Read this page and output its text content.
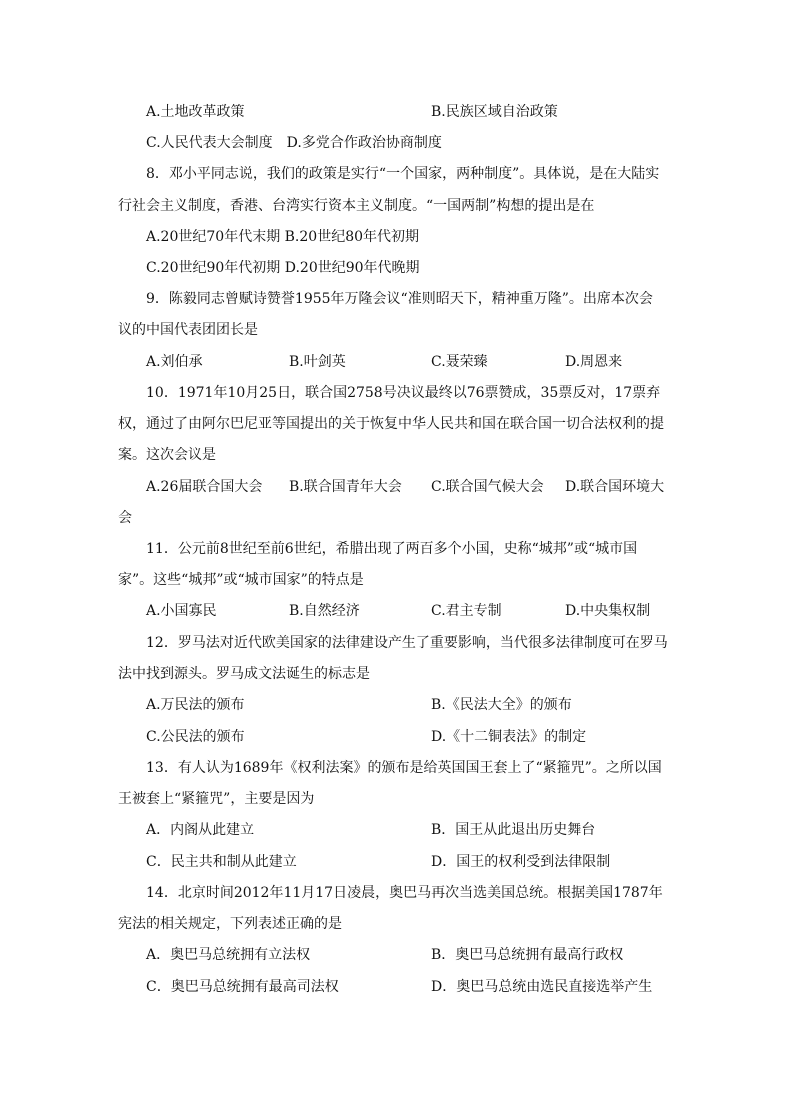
A.土地改革政策	B.民族区域自治政策
C.人民代表大会制度　D.多党合作政治协商制度
8．邓小平同志说，我们的政策是实行“一个国家，两种制度”。具体说，是在大陆实
行社会主义制度，香港、台湾实行资本主义制度。“一国两制”构想的提出是在
A.20世纪70年代末期 B.20世纪80年代初期
C.20世纪90年代初期 D.20世纪90年代晚期
9．陈毅同志曾赋诗赞誉1955年万隆会议“准则昭天下，精神重万隆”。出席本次会
议的中国代表团团长是
A.刘伯承	B.叶剑英	C.聂荣臻	D.周恩来
10．1971年10月25日，联合国2758号决议最终以76票赞成，35票反对，17票弃
权，通过了由阿尔巴尼亚等国提出的关于恢复中华人民共和国在联合国一切合法权利的提
案。这次会议是
A.26届联合国大会 B.联合国青年大会 C.联合国气候大会 D.联合国环境大
会
11．公元前8世纪至前6世纪，希腊出现了两百多个小国，史称“城邦”或“城市国
家”。这些“城邦”或“城市国家”的特点是
A.小国寡民	B.自然经济	C.君主专制	D.中央集权制
12．罗马法对近代欧美国家的法律建设产生了重要影响，当代很多法律制度可在罗马
法中找到源头。罗马成文法诞生的标志是
A.万民法的颁布	B.《民法大全》的颁布
C.公民法的颁布	D.《十二铜表法》的制定
13．有人认为1689年《权利法案》的颁布是给英国国王套上了“紧箍咒”。之所以国
王被套上“紧箍咒”，主要是因为
A．内阁从此建立	B．国王从此退出历史舞台
C．民主共和制从此建立	D．国王的权利受到法律限制
14．北京时间2012年11月17日凌晨，奥巴马再次当选美国总统。根据美国1787年
宪法的相关规定，下列表述正确的是
A．奥巴马总统拥有立法权	B．奥巴马总统拥有最高行政权
C．奥巴马总统拥有最高司法权	D．奥巴马总统由选民直接选举产生
